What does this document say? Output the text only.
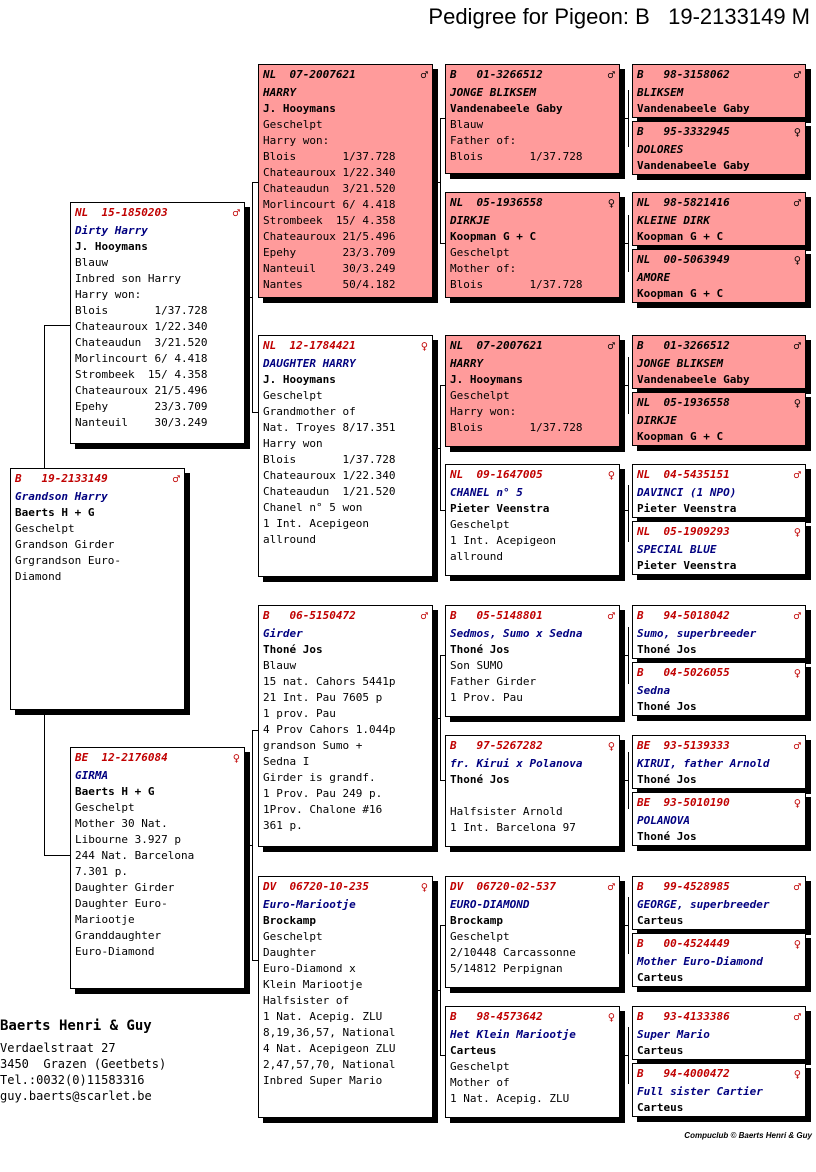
Pedigree for Pigeon: B   19-2133149 M
B   19-2133149	♂
Grandson Harry
Baerts H + G
Geschelpt
Grandson Girder
Grgrandson Euro-
Diamond
NL  15-1850203	♂
Dirty Harry
J. Hooymans
Blauw
Inbred son Harry
Harry won:
Blois       1/37.728
Chateauroux 1/22.340
Chateaudun  3/21.520
Morlincourt 6/ 4.418
Strombeek  15/ 4.358
Chateauroux 21/5.496
Epehy       23/3.709
Nanteuil    30/3.249
BE  12-2176084	♀
GIRMA
Baerts H + G
Geschelpt
Mother 30 Nat.
Libourne 3.927 p
244 Nat. Barcelona
7.301 p.
Daughter Girder
Daughter Euro-
Mariootje
Granddaughter
Euro-Diamond
NL  07-2007621	♂
HARRY
J. Hooymans
Geschelpt
Harry won:
Blois       1/37.728
Chateauroux 1/22.340
Chateaudun  3/21.520
Morlincourt 6/ 4.418
Strombeek  15/ 4.358
Chateauroux 21/5.496
Epehy       23/3.709
Nanteuil    30/3.249
Nantes      50/4.182
NL  12-1784421	♀
DAUGHTER HARRY
J. Hooymans
Geschelpt
Grandmother of
Nat. Troyes 8/17.351
Harry won
Blois       1/37.728
Chateauroux 1/22.340
Chateaudun  1/21.520
Chanel n° 5 won
1 Int. Acepigeon
allround
B   06-5150472	♂
Girder
Thoné Jos
Blauw
15 nat. Cahors 5441p
21 Int. Pau 7605 p
1 prov. Pau
4 Prov Cahors 1.044p
grandson Sumo +
Sedna I
Girder is grandf.
1 Prov. Pau 249 p.
1Prov. Chalone #16
361 p.
DV  06720-10-235	♀
Euro-Mariootje
Brockamp
Geschelpt
Daughter
Euro-Diamond x
Klein Mariootje
Halfsister of
1 Nat. Acepig. ZLU
8,19,36,57, National
4 Nat. Acepigeon ZLU
2,47,57,70, National
Inbred Super Mario
B   01-3266512	♂
JONGE BLIKSEM
Vandenabeele Gaby
Blauw
Father of:
Blois       1/37.728
NL  05-1936558	♀
DIRKJE
Koopman G + C
Geschelpt
Mother of:
Blois       1/37.728
NL  07-2007621	♂
HARRY
J. Hooymans
Geschelpt
Harry won:
Blois       1/37.728
NL  09-1647005	♀
CHANEL n° 5
Pieter Veenstra
Geschelpt
1 Int. Acepigeon
allround
B   05-5148801	♂
Sedmos, Sumo x Sedna
Thoné Jos
Son SUMO
Father Girder
1 Prov. Pau
B   97-5267282	♀
fr. Kirui x Polanova
Thoné Jos
Halfsister Arnold
1 Int. Barcelona 97
DV  06720-02-537	♂
EURO-DIAMOND
Brockamp
Geschelpt
2/10448 Carcassonne
5/14812 Perpignan
B   98-4573642	♀
Het Klein Mariootje
Carteus
Geschelpt
Mother of
1 Nat. Acepig. ZLU
B   98-3158062	♂
BLIKSEM
Vandenabeele Gaby
B   95-3332945	♀
DOLORES
Vandenabeele Gaby
NL  98-5821416	♂
KLEINE DIRK
Koopman G + C
NL  00-5063949	♀
AMORE
Koopman G + C
B   01-3266512	♂
JONGE BLIKSEM
Vandenabeele Gaby
NL  05-1936558	♀
DIRKJE
Koopman G + C
NL  04-5435151	♂
DAVINCI (1 NPO)
Pieter Veenstra
NL  05-1909293	♀
SPECIAL BLUE
Pieter Veenstra
B   94-5018042	♂
Sumo, superbreeder
Thoné Jos
B   04-5026055	♀
Sedna
Thoné Jos
BE  93-5139333	♂
KIRUI, father Arnold
Thoné Jos
BE  93-5010190	♀
POLANOVA
Thoné Jos
B   99-4528985	♂
GEORGE, superbreeder
Carteus
B   00-4524449	♀
Mother Euro-Diamond
Carteus
B   93-4133386	♂
Super Mario
Carteus
B   94-4000472	♀
Full sister Cartier
Carteus
Baerts Henri & Guy
Verdaelstraat 27
3450  Grazen (Geetbets)
Tel.:0032(0)11583316
guy.baerts@scarlet.be
Compuclub © Baerts Henri & Guy
